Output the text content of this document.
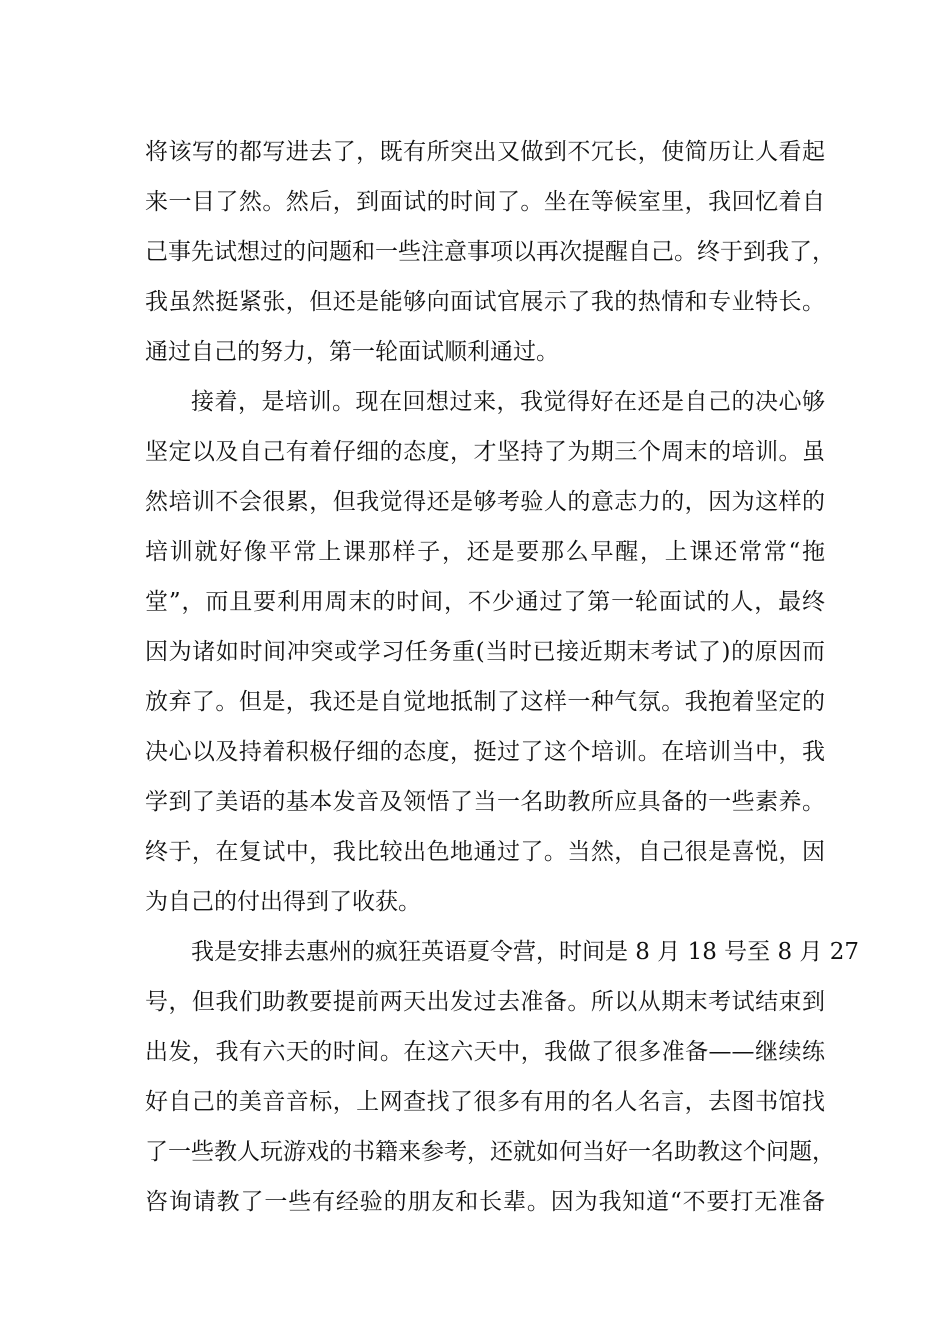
将该写的都写进去了，既有所突出又做到不冗长，使简历让人看起
来一目了然。然后，到面试的时间了。坐在等候室里，我回忆着自
己事先试想过的问题和一些注意事项以再次提醒自己。终于到我了，
我虽然挺紧张，但还是能够向面试官展示了我的热情和专业特长。
通过自己的努力，第一轮面试顺利通过。
接着，是培训。现在回想过来，我觉得好在还是自己的决心够
坚定以及自己有着仔细的态度，才坚持了为期三个周末的培训。虽
然培训不会很累，但我觉得还是够考验人的意志力的，因为这样的
培训就好像平常上课那样子，还是要那么早醒，上课还常常“拖
堂”，而且要利用周末的时间，不少通过了第一轮面试的人，最终
因为诸如时间冲突或学习任务重(当时已接近期末考试了)的原因而
放弃了。但是，我还是自觉地抵制了这样一种气氛。我抱着坚定的
决心以及持着积极仔细的态度，挺过了这个培训。在培训当中，我
学到了美语的基本发音及领悟了当一名助教所应具备的一些素养。
终于，在复试中，我比较出色地通过了。当然，自己很是喜悦，因
为自己的付出得到了收获。
我是安排去惠州的疯狂英语夏令营，时间是 8 月 18 号至 8 月 27
号，但我们助教要提前两天出发过去准备。所以从期末考试结束到
出发，我有六天的时间。在这六天中，我做了很多准备——继续练
好自己的美音音标，上网查找了很多有用的名人名言，去图书馆找
了一些教人玩游戏的书籍来参考，还就如何当好一名助教这个问题，
咨询请教了一些有经验的朋友和长辈。因为我知道“不要打无准备
